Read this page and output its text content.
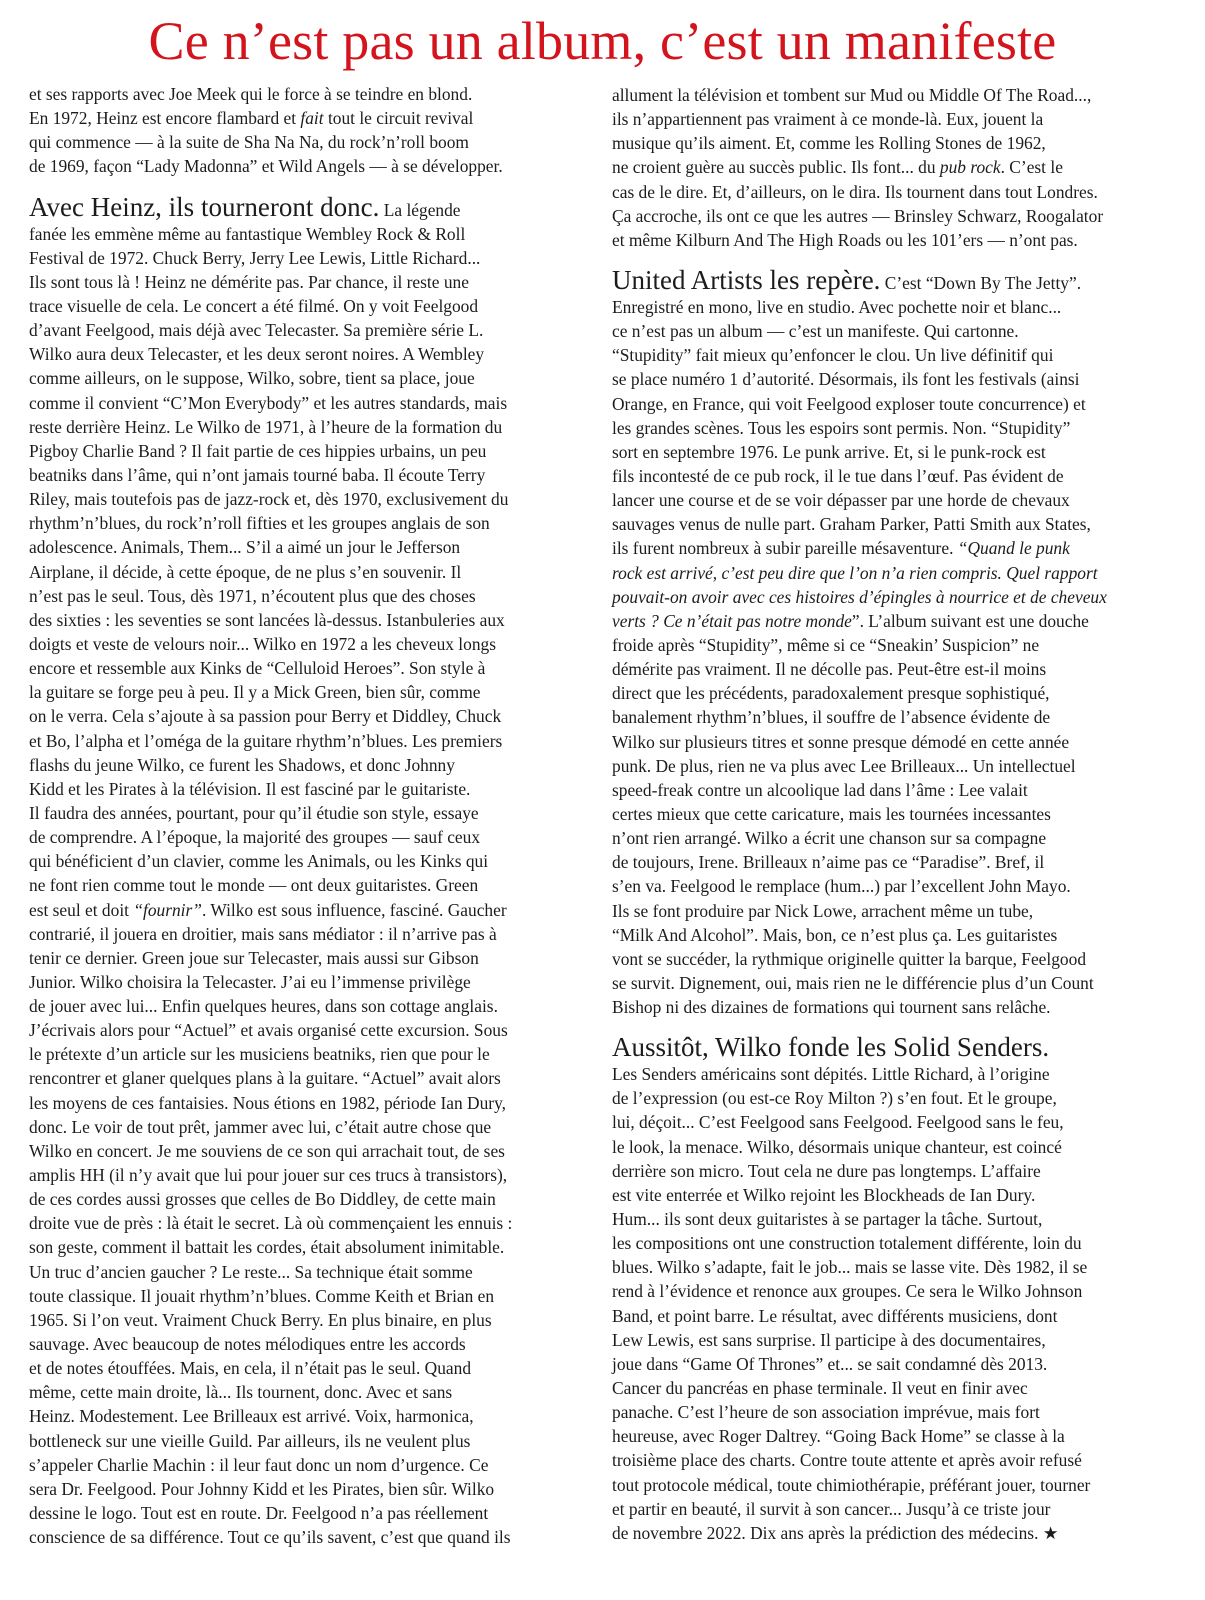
Ce n’est pas un album, c’est un manifeste
et ses rapports avec Joe Meek qui le force à se teindre en blond.
En 1972, Heinz est encore flambard et fait tout le circuit revival
qui commence — à la suite de Sha Na Na, du rock’n’roll boom
de 1969, façon “Lady Madonna” et Wild Angels — à se développer.
Avec Heinz, ils tourneront donc. La légende
fanée les emmène même au fantastique Wembley Rock & Roll
Festival de 1972. Chuck Berry, Jerry Lee Lewis, Little Richard...
Ils sont tous là ! Heinz ne démérite pas. Par chance, il reste une
trace visuelle de cela. Le concert a été filmé. On y voit Feelgood
d’avant Feelgood, mais déjà avec Telecaster. Sa première série L.
Wilko aura deux Telecaster, et les deux seront noires. A Wembley
comme ailleurs, on le suppose, Wilko, sobre, tient sa place, joue
comme il convient “C’Mon Everybody” et les autres standards, mais
reste derrière Heinz. Le Wilko de 1971, à l’heure de la formation du
Pigboy Charlie Band ? Il fait partie de ces hippies urbains, un peu
beatniks dans l’âme, qui n’ont jamais tourné baba. Il écoute Terry
Riley, mais toutefois pas de jazz-rock et, dès 1970, exclusivement du
rhythm’n’blues, du rock’n’roll fifties et les groupes anglais de son
adolescence. Animals, Them... S’il a aimé un jour le Jefferson
Airplane, il décide, à cette époque, de ne plus s’en souvenir. Il
n’est pas le seul. Tous, dès 1971, n’écoutent plus que des choses
des sixties : les seventies se sont lancées là-dessus. Istanbuleries aux
doigts et veste de velours noir... Wilko en 1972 a les cheveux longs
encore et ressemble aux Kinks de “Celluloid Heroes”. Son style à
la guitare se forge peu à peu. Il y a Mick Green, bien sûr, comme
on le verra. Cela s’ajoute à sa passion pour Berry et Diddley, Chuck
et Bo, l’alpha et l’oméga de la guitare rhythm’n’blues. Les premiers
flashs du jeune Wilko, ce furent les Shadows, et donc Johnny
Kidd et les Pirates à la télévision. Il est fasciné par le guitariste.
Il faudra des années, pourtant, pour qu’il étudie son style, essaye
de comprendre. A l’époque, la majorité des groupes — sauf ceux
qui bénéficient d’un clavier, comme les Animals, ou les Kinks qui
ne font rien comme tout le monde — ont deux guitaristes. Green
est seul et doit “fournir”. Wilko est sous influence, fasciné. Gaucher
contrarié, il jouera en droitier, mais sans médiator : il n’arrive pas à
tenir ce dernier. Green joue sur Telecaster, mais aussi sur Gibson
Junior. Wilko choisira la Telecaster. J’ai eu l’immense privilège
de jouer avec lui... Enfin quelques heures, dans son cottage anglais.
J’écrivais alors pour “Actuel” et avais organisé cette excursion. Sous
le prétexte d’un article sur les musiciens beatniks, rien que pour le
rencontrer et glaner quelques plans à la guitare. “Actuel” avait alors
les moyens de ces fantaisies. Nous étions en 1982, période Ian Dury,
donc. Le voir de tout prêt, jammer avec lui, c’était autre chose que
Wilko en concert. Je me souviens de ce son qui arrachait tout, de ses
amplis HH (il n’y avait que lui pour jouer sur ces trucs à transistors),
de ces cordes aussi grosses que celles de Bo Diddley, de cette main
droite vue de près : là était le secret. Là où commençaient les ennuis :
son geste, comment il battait les cordes, était absolument inimitable.
Un truc d’ancien gaucher ? Le reste... Sa technique était somme
toute classique. Il jouait rhythm’n’blues. Comme Keith et Brian en
1965. Si l’on veut. Vraiment Chuck Berry. En plus binaire, en plus
sauvage. Avec beaucoup de notes mélodiques entre les accords
et de notes étouffées. Mais, en cela, il n’était pas le seul. Quand
même, cette main droite, là... Ils tournent, donc. Avec et sans
Heinz. Modestement. Lee Brilleaux est arrivé. Voix, harmonica,
bottleneck sur une vieille Guild. Par ailleurs, ils ne veulent plus
s’appeler Charlie Machin : il leur faut donc un nom d’urgence. Ce
sera Dr. Feelgood. Pour Johnny Kidd et les Pirates, bien sûr. Wilko
dessine le logo. Tout est en route. Dr. Feelgood n’a pas réellement
conscience de sa différence. Tout ce qu’ils savent, c’est que quand ils
allument la télévision et tombent sur Mud ou Middle Of The Road...,
ils n’appartiennent pas vraiment à ce monde-là. Eux, jouent la
musique qu’ils aiment. Et, comme les Rolling Stones de 1962,
ne croient guère au succès public. Ils font... du pub rock. C’est le
cas de le dire. Et, d’ailleurs, on le dira. Ils tournent dans tout Londres.
Ça accroche, ils ont ce que les autres — Brinsley Schwarz, Roogalator
et même Kilburn And The High Roads ou les 101’ers — n’ont pas.
United Artists les repère. C’est “Down By The Jetty”.
Enregistré en mono, live en studio. Avec pochette noir et blanc...
ce n’est pas un album — c’est un manifeste. Qui cartonne.
“Stupidity” fait mieux qu’enfoncer le clou. Un live définitif qui
se place numéro 1 d’autorité. Désormais, ils font les festivals (ainsi
Orange, en France, qui voit Feelgood exploser toute concurrence) et
les grandes scènes. Tous les espoirs sont permis. Non. “Stupidity”
sort en septembre 1976. Le punk arrive. Et, si le punk-rock est
fils incontesté de ce pub rock, il le tue dans l’œuf. Pas évident de
lancer une course et de se voir dépasser par une horde de chevaux
sauvages venus de nulle part. Graham Parker, Patti Smith aux States,
ils furent nombreux à subir pareille mésaventure. “Quand le punk
rock est arrivé, c’est peu dire que l’on n’a rien compris. Quel rapport
pouvait-on avoir avec ces histoires d’épingles à nourrice et de cheveux
verts ? Ce n’était pas notre monde”. L’album suivant est une douche
froide après “Stupidity”, même si ce “Sneakin’ Suspicion” ne
démérite pas vraiment. Il ne décolle pas. Peut-être est-il moins
direct que les précédents, paradoxalement presque sophistiqué,
banalement rhythm’n’blues, il souffre de l’absence évidente de
Wilko sur plusieurs titres et sonne presque démodé en cette année
punk. De plus, rien ne va plus avec Lee Brilleaux... Un intellectuel
speed-freak contre un alcoolique lad dans l’âme : Lee valait
certes mieux que cette caricature, mais les tournées incessantes
n’ont rien arrangé. Wilko a écrit une chanson sur sa compagne
de toujours, Irene. Brilleaux n’aime pas ce “Paradise”. Bref, il
s’en va. Feelgood le remplace (hum...) par l’excellent John Mayo.
Ils se font produire par Nick Lowe, arrachent même un tube,
“Milk And Alcohol”. Mais, bon, ce n’est plus ça. Les guitaristes
vont se succéder, la rythmique originelle quitter la barque, Feelgood
se survit. Dignement, oui, mais rien ne le différencie plus d’un Count
Bishop ni des dizaines de formations qui tournent sans relâche.
Aussitôt, Wilko fonde les Solid Senders.
Les Senders américains sont dépités. Little Richard, à l’origine
de l’expression (ou est-ce Roy Milton ?) s’en fout. Et le groupe,
lui, déçoit... C’est Feelgood sans Feelgood. Feelgood sans le feu,
le look, la menace. Wilko, désormais unique chanteur, est coincé
derrière son micro. Tout cela ne dure pas longtemps. L’affaire
est vite enterrée et Wilko rejoint les Blockheads de Ian Dury.
Hum... ils sont deux guitaristes à se partager la tâche. Surtout,
les compositions ont une construction totalement différente, loin du
blues. Wilko s’adapte, fait le job... mais se lasse vite. Dès 1982, il se
rend à l’évidence et renonce aux groupes. Ce sera le Wilko Johnson
Band, et point barre. Le résultat, avec différents musiciens, dont
Lew Lewis, est sans surprise. Il participe à des documentaires,
joue dans “Game Of Thrones” et... se sait condamné dès 2013.
Cancer du pancréas en phase terminale. Il veut en finir avec
panache. C’est l’heure de son association imprévue, mais fort
heureuse, avec Roger Daltrey. “Going Back Home” se classe à la
troisième place des charts. Contre toute attente et après avoir refusé
tout protocole médical, toute chimiothérapie, préférant jouer, tourner
et partir en beauté, il survit à son cancer... Jusqu’à ce triste jour
de novembre 2022. Dix ans après la prédiction des médecins. ★
